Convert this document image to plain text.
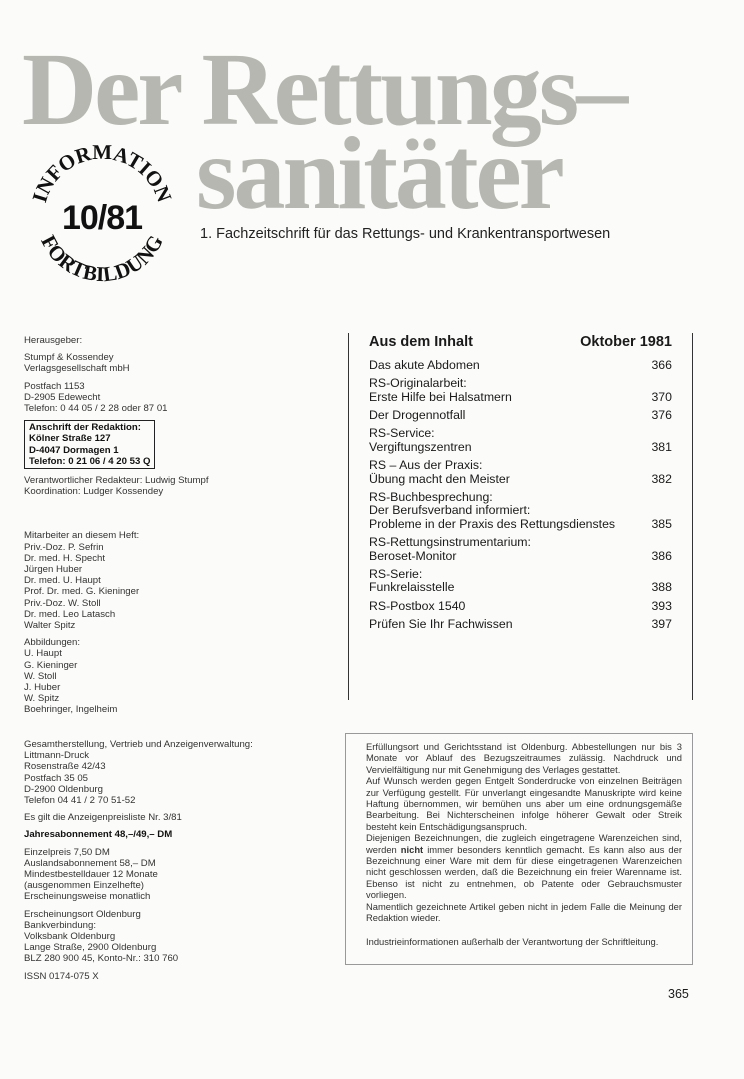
Der Rettungs–
sanitäter
1. Fachzeitschrift für das Rettungs- und Krankentransportwesen
INFORMATION
FORTBILDUNG
10/81
Herausgeber:
Stumpf & Kossendey
Verlagsgesellschaft mbH
Postfach 1153
D-2905 Edewecht
Telefon: 0 44 05 / 2 28 oder 87 01
Anschrift der Redaktion:
Kölner Straße 127
D-4047 Dormagen 1
Telefon: 0 21 06 / 4 20 53 Q
Verantwortlicher Redakteur: Ludwig Stumpf
Koordination: Ludger Kossendey
Mitarbeiter an diesem Heft:
Priv.-Doz. P. Sefrin
Dr. med. H. Specht
Jürgen Huber
Dr. med. U. Haupt
Prof. Dr. med. G. Kieninger
Priv.-Doz. W. Stoll
Dr. med. Leo Latasch
Walter Spitz
Abbildungen:
U. Haupt
G. Kieninger
W. Stoll
J. Huber
W. Spitz
Boehringer, Ingelheim
Gesamtherstellung, Vertrieb und Anzeigenverwaltung:
Littmann-Druck
Rosenstraße 42/43
Postfach 35 05
D-2900 Oldenburg
Telefon 04 41 / 2 70 51-52
Es gilt die Anzeigenpreisliste Nr. 3/81
Jahresabonnement 48,–/49,– DM
Einzelpreis 7,50 DM
Auslandsabonnement 58,– DM
Mindestbestelldauer 12 Monate
(ausgenommen Einzelhefte)
Erscheinungsweise monatlich
Erscheinungsort Oldenburg
Bankverbindung:
Volksbank Oldenburg
Lange Straße, 2900 Oldenburg
BLZ 280 900 45, Konto-Nr.: 310 760
ISSN 0174-075 X
Aus dem Inhalt	Oktober 1981
Das akute Abdomen	366
RS-Originalarbeit:
Erste Hilfe bei Halsatmern	370
Der Drogennotfall	376
RS-Service:
Vergiftungszentren	381
RS – Aus der Praxis:
Übung macht den Meister	382
RS-Buchbesprechung:
Der Berufsverband informiert:
Probleme in der Praxis des Rettungsdienstes	385
RS-Rettungsinstrumentarium:
Beroset-Monitor	386
RS-Serie:
Funkrelaisstelle	388
RS-Postbox 1540	393
Prüfen Sie Ihr Fachwissen	397

Erfüllungsort und Gerichtsstand ist Oldenburg. Abbestellungen nur bis 3 Monate vor Ablauf des Bezugszeitraumes zulässig. Nachdruck und Vervielfältigung nur mit Genehmigung des Verlages gestattet.

Auf Wunsch werden gegen Entgelt Sonderdrucke von einzelnen Beiträgen zur Verfügung gestellt. Für unverlangt eingesandte Manuskripte wird keine Haftung übernommen, wir bemühen uns aber um eine ordnungsgemäße Bearbeitung. Bei Nichterscheinen infolge höherer Gewalt oder Streik besteht kein Entschädigungsanspruch.

Diejenigen Bezeichnungen, die zugleich eingetragene Warenzeichen sind, werden nicht immer besonders kenntlich gemacht. Es kann also aus der Bezeichnung einer Ware mit dem für diese eingetragenen Warenzeichen nicht geschlossen werden, daß die Bezeichnung ein freier Warenname ist. Ebenso ist nicht zu entnehmen, ob Patente oder Gebrauchsmuster vorliegen.

Namentlich gezeichnete Artikel geben nicht in jedem Falle die Meinung der Redaktion wieder.

Industrieinformationen außerhalb der Verantwortung der Schriftleitung.

365
